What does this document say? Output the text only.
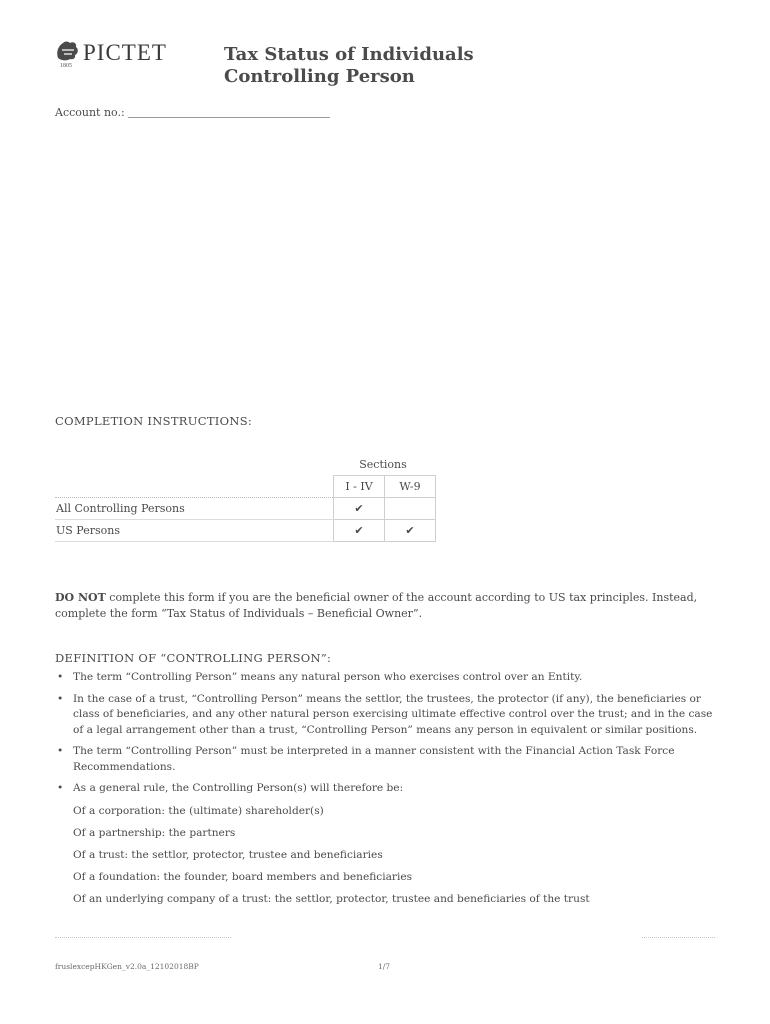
PICTET
1805
Tax Status of Individuals
Controlling Person
Account no.:
COMPLETION INSTRUCTIONS:
Sections
	I - IV	W-9
All Controlling Persons	✔	
US Persons	✔	✔
DO NOT complete this form if you are the beneficial owner of the account according to US tax principles. Instead, complete the form “Tax Status of Individuals – Beneficial Owner”.
DEFINITION OF “CONTROLLING PERSON”:
• The term “Controlling Person” means any natural person who exercises control over an Entity.
• In the case of a trust, “Controlling Person” means the settlor, the trustees, the protector (if any), the beneficiaries or class of beneficiaries, and any other natural person exercising ultimate effective control over the trust; and in the case of a legal arrangement other than a trust, “Controlling Person” means any person in equivalent or similar positions.
• The term “Controlling Person” must be interpreted in a manner consistent with the Financial Action Task Force Recommendations.
• As a general rule, the Controlling Person(s) will therefore be:
Of a corporation: the (ultimate) shareholder(s)
Of a partnership: the partners
Of a trust: the settlor, protector, trustee and beneficiaries
Of a foundation: the founder, board members and beneficiaries
Of an underlying company of a trust: the settlor, protector, trustee and beneficiaries of the trust
fruslexcepHKGen_v2.0a_12102018BP	1/7
